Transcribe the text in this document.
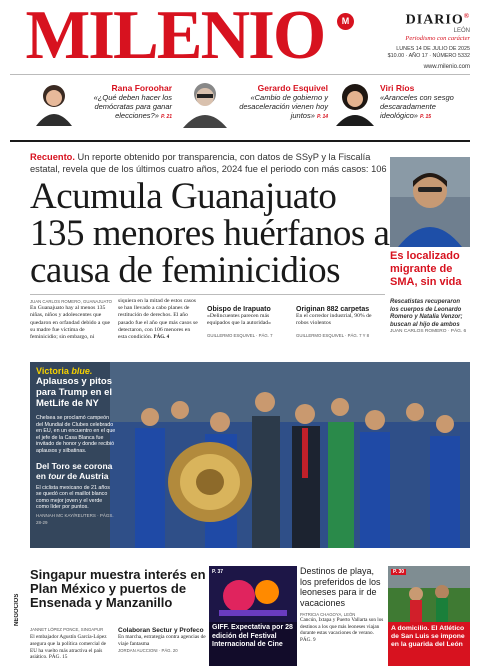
MILENIO	M	DIARIO®
LEÓN
Periodismo con carácter
LUNES 14 DE JULIO DE 2025
$10.00 · AÑO 17 · NÚMERO 5332
www.milenio.com
Rana Foroohar
«¿Qué deben hacer los demócratas para ganar elecciones?» P. 21
Gerardo Esquivel
«Cambio de gobierno y desaceleración vienen hoy juntos» P. 14
Viri Ríos
«Aranceles con sesgo descaradamente ideológico» P. 15
Recuento. Un reporte obtenido por transparencia, con datos de SSyP y la Fiscalía estatal, revela que de los últimos cuatro años, 2024 fue el periodo con más casos: 106
Acumula Guanajuato 135 menores huérfanos a causa de feminicidios
JUAN CARLOS ROMERO, GUANAJUATO
En Guanajuato hay al menos 135 niñas, niños y adolescentes que quedaron en orfandad debido a que su madre fue víctima de feminicidio; sin embargo, ni
siquiera en la mitad de estos casos se han llevado a cabo planes de restitución de derechos. El año pasado fue el año que más casos se detectaron, con 106 menores en esta condición. PÁG. 4
Obispo de Irapuato
«Delincuentes parecen más equipados que la autoridad»
GUILLERMO ESQUIVEL · PÁG. 7
Originan 882 carpetas
En el corredor industrial, 90% de robos violentos
GUILLERMO ESQUIVEL · PÁG. 7 Y 8
Es localizado migrante de SMA, sin vida
Rescatistas recuperaron los cuerpos de Leonardo Romero y Natalia Venzor; buscan al hijo de ambos
JUAN CARLOS ROMERO · PÁG. 6
Victoria blue.
Aplausos y pitos para Trump en el MetLife de NY
Chelsea se proclamó campeón del Mundial de Clubes celebrado en EU, en un encuentro en el que el jefe de la Casa Blanca fue invitado de honor y donde recibió aplausos y silbatinas.
Del Toro se corona en tour de Austria
El ciclista mexicano de 21 años se quedó con el maillot blanco como mejor joven y el verde como líder por puntos.
HANNAH MC KAY/REUTERS · PÁGS. 28-29
NEGOCIOS
Singapur muestra interés en Plan México y puertos de Ensenada y Manzanillo
JANNET LÓPEZ PONCE, SINGAPUR
El embajador Agustín García-López asegura que la política comercial de EU ha vuelto más atractiva el país asiático. PÁG. 15
Colaboran Sectur y Profeco
En marcha, estrategia contra agencias de viaje fantasma
JORDAN AUCCIONI · PÁG. 20
P. 37
GIFF. Expectativa por 28 edición del Festival Internacional de Cine
Destinos de playa, los preferidos de los leoneses para ir de vacaciones
PATRICIA CHAGOYA, LEÓN
Cancún, Ixtapa y Puerto Vallarta son los destinos a los que más leoneses viajan durante estas vacaciones de verano. PÁG. 9
P. 30
A domicilio. El Atlético de San Luis se impone en la guarida del León
